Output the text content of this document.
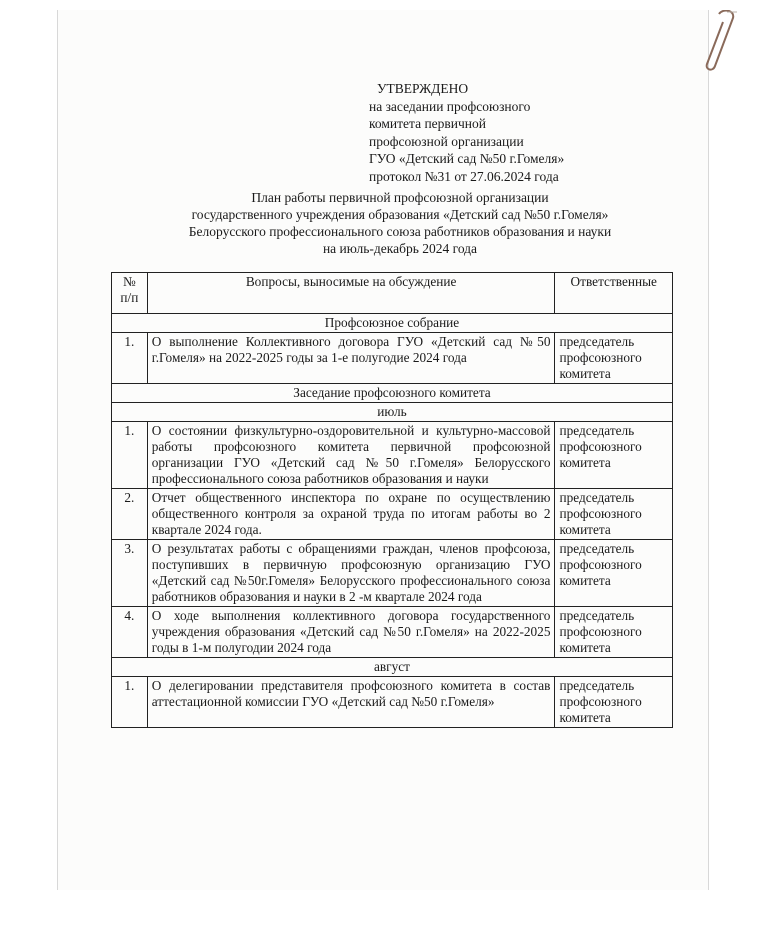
УТВЕРЖДЕНО
на заседании профсоюзного
комитета первичной
профсоюзной организации
ГУО «Детский сад №50 г.Гомеля»
протокол №31 от 27.06.2024 года
План работы первичной профсоюзной организации
государственного учреждения образования «Детский сад №50 г.Гомеля»
Белорусского профессионального союза работников образования и науки
на июль-декабрь 2024 года
№ п/п	Вопросы, выносимые на обсуждение	Ответственные
Профсоюзное собрание		
1.	О выполнение Коллективного договора ГУО «Детский сад №50 г.Гомеля» на 2022-2025 годы за 1-е полугодие 2024 года	председатель профсоюзного комитета
Заседание профсоюзного комитета		
июль		
1.	О состоянии физкультурно-оздоровительной и культурно-массовой работы профсоюзного комитета первичной профсоюзной организации ГУО «Детский сад №50 г.Гомеля» Белорусского профессионального союза работников образования и науки	председатель профсоюзного комитета
2.	Отчет общественного инспектора по охране по осуществлению общественного контроля за охраной труда по итогам работы во 2 квартале 2024 года.	председатель профсоюзного комитета
3.	О результатах работы с обращениями граждан, членов профсоюза, поступивших в первичную профсоюзную организацию ГУО «Детский сад №50г.Гомеля» Белорусского профессионального союза работников образования и науки в 2 -м квартале 2024 года	председатель профсоюзного комитета
4.	О ходе выполнения коллективного договора государственного учреждения образования «Детский сад №50 г.Гомеля» на 2022-2025 годы в 1-м полугодии 2024 года	председатель профсоюзного комитета
август		
1.	О делегировании представителя профсоюзного комитета в состав аттестационной комиссии ГУО «Детский сад №50 г.Гомеля»	председатель профсоюзного комитета
